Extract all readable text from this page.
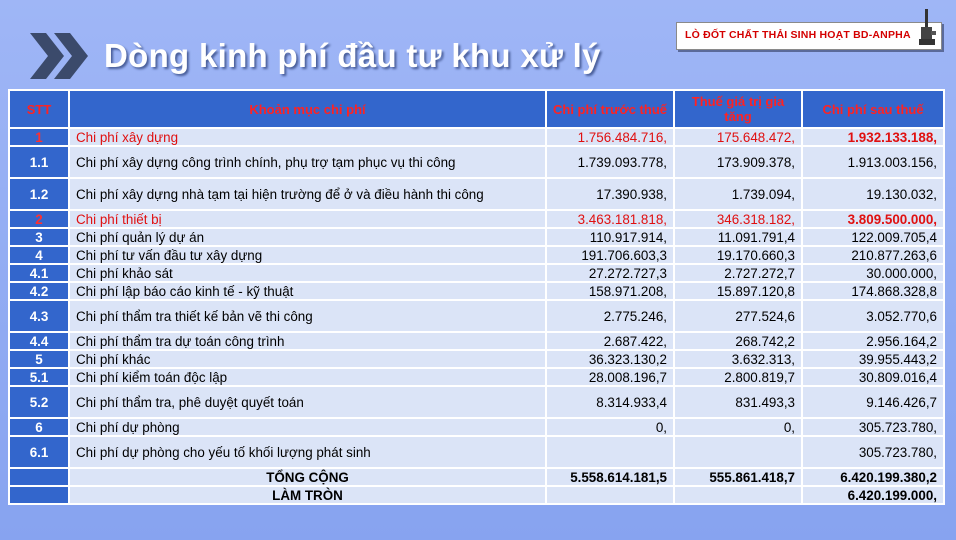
Dòng kinh phí đầu tư khu xử lý
LÒ ĐỐT CHẤT THẢI SINH HOẠT BD-ANPHA
STT	Khoản mục chi phí	Chi phí trước thuế	Thuế giá trị gia tăng	Chi phí sau thuế
1	Chi phí xây dựng	1.756.484.716,	175.648.472,	1.932.133.188,
1.1	Chi phí xây dựng công trình chính, phụ trợ tạm phục vụ thi công	1.739.093.778,	173.909.378,	1.913.003.156,
1.2	Chi phí xây dựng nhà tạm tại hiện trường để ở và điều hành thi công	17.390.938,	1.739.094,	19.130.032,
2	Chi phí thiết bị	3.463.181.818,	346.318.182,	3.809.500.000,
3	Chi phí quản lý dự án	110.917.914,	11.091.791,4	122.009.705,4
4	Chi phí tư vấn đầu tư xây dựng	191.706.603,3	19.170.660,3	210.877.263,6
4.1	Chi phí khảo sát	27.272.727,3	2.727.272,7	30.000.000,
4.2	Chi phí lập báo cáo kinh tế - kỹ thuật	158.971.208,	15.897.120,8	174.868.328,8
4.3	Chi phí thẩm tra thiết kế bản vẽ thi công	2.775.246,	277.524,6	3.052.770,6
4.4	Chi phí thẩm tra dự toán công trình	2.687.422,	268.742,2	2.956.164,2
5	Chi phí khác	36.323.130,2	3.632.313,	39.955.443,2
5.1	Chi phí kiểm toán độc lập	28.008.196,7	2.800.819,7	30.809.016,4
5.2	Chi phí thẩm tra, phê duyệt quyết toán	8.314.933,4	831.493,3	9.146.426,7
6	Chi phí dự phòng	0,	0,	305.723.780,
6.1	Chi phí dự phòng cho yếu tố khối lượng phát sinh			305.723.780,
	TỔNG CỘNG	5.558.614.181,5	555.861.418,7	6.420.199.380,2
	LÀM TRÒN			6.420.199.000,
